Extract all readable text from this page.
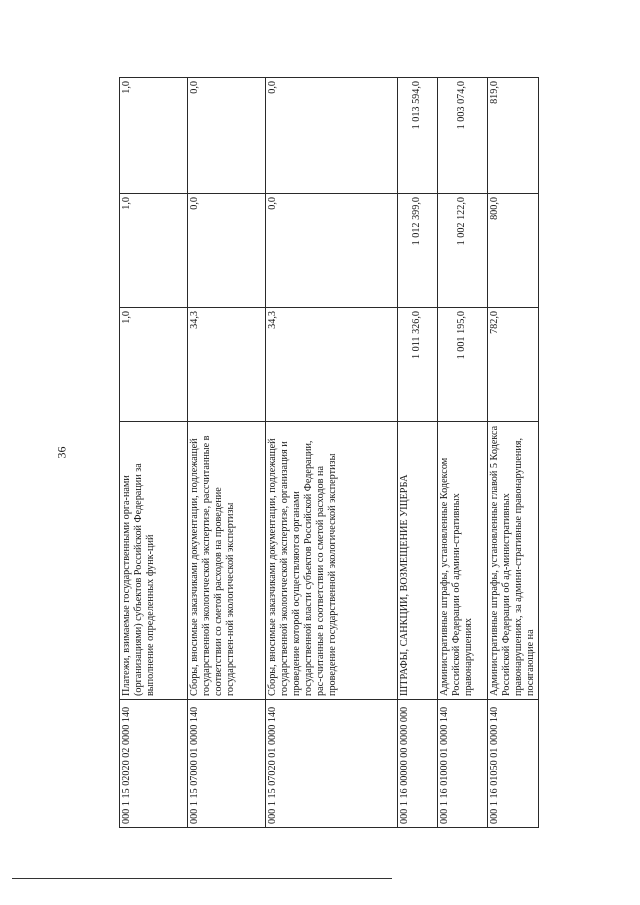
36
000 1 15 02020 02 0000 140	Платежи, взимаемые государственными орга-нами (организациями) субъектов Российской Федерации за выполнение определенных функ-ций	1,0	1,0	1,0
000 1 15 07000 01 0000 140	Сборы, вносимые заказчиками документации, подлежащей государственной экологической экспертизе, рассчитанные в соответствии со сметой расходов на проведение государствен-ной экологической экспертизы	34,3	0,0	0,0
000 1 15 07020 01 0000 140	Сборы, вносимые заказчиками документации, подлежащей государственной экологической экспертизе, организация и проведение которой осуществляются органами государственной власти субъектов Российской Федерации, рас-считанные в соответствии со сметой расходов на проведение государственной экологической экспертизы	34,3	0,0	0,0
000 1 16 00000 00 0000 000	ШТРАФЫ, САНКЦИИ, ВОЗМЕЩЕНИЕ УЩЕРБА	1 011 326,0	1 012 399,0	1 013 594,0
000 1 16 01000 01 0000 140	Административные штрафы, установленные Кодексом Российской Федерации об админи-стративных правонарушениях	1 001 195,0	1 002 122,0	1 003 074,0
000 1 16 01050 01 0000 140	Административные штрафы, установленные главой 5 Кодекса Российской Федерации об ад-министративных правонарушениях, за админи-стративные правонарушения, посягающие на	782,0	800,0	819,0
